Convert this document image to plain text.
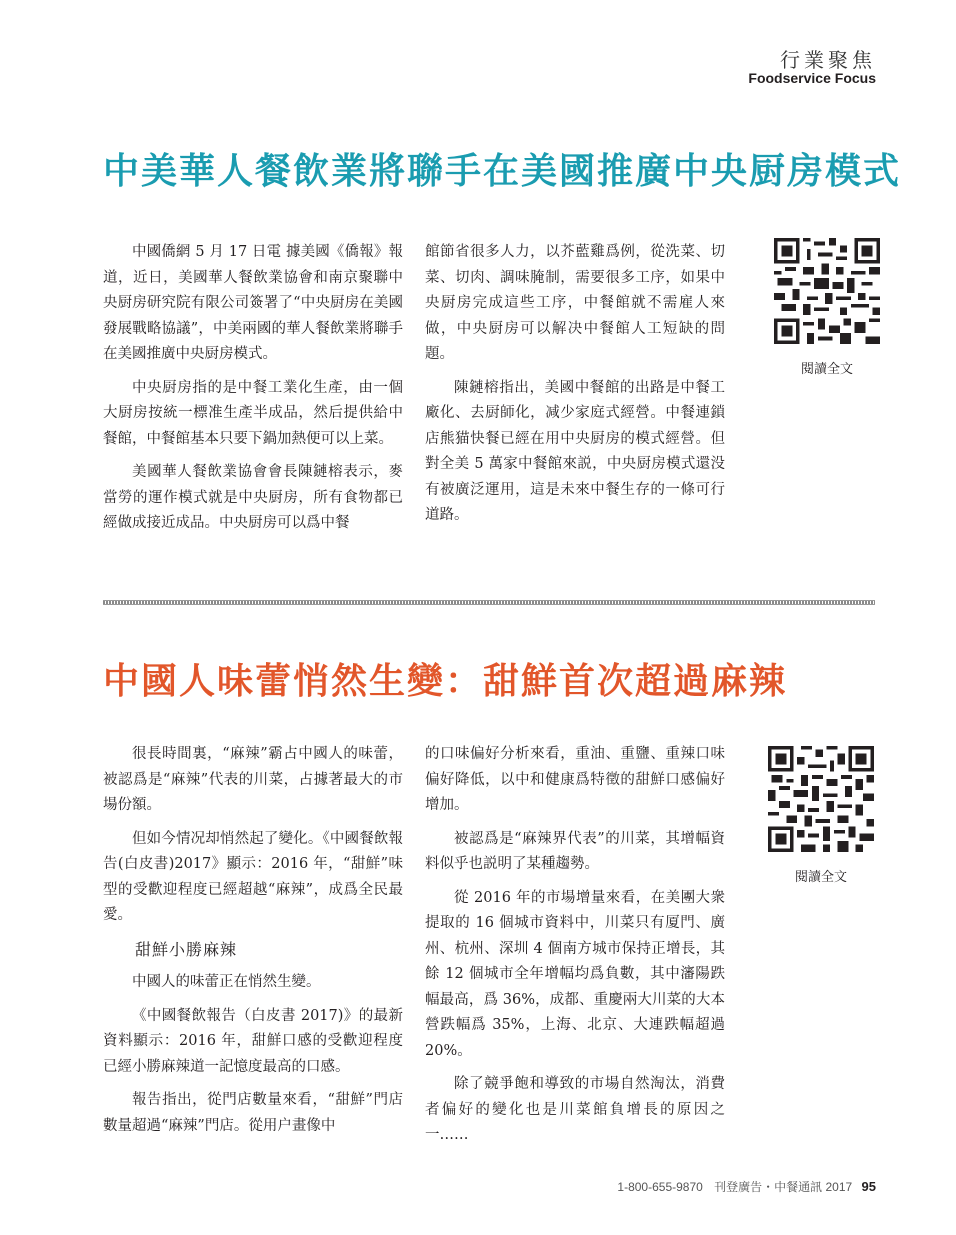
行業聚焦
Foodservice Focus
中美華人餐飲業將聯手在美國推廣中央厨房模式

中國僑網 5 月 17 日電 據美國《僑報》報道，近日，美國華人餐飲業協會和南京聚聯中央厨房研究院有限公司簽署了“中央厨房在美國發展戰略協議”，中美兩國的華人餐飲業將聯手在美國推廣中央厨房模式。

中央厨房指的是中餐工業化生產，由一個大厨房按統一標准生產半成品，然后提供給中餐館，中餐館基本只要下鍋加熱便可以上菜。

美國華人餐飲業協會會長陳鏈榕表示，麥當勞的運作模式就是中央厨房，所有食物都已經做成接近成品。中央厨房可以爲中餐

館節省很多人力，以芥藍雞爲例，從洗菜、切菜、切肉、調味腌制，需要很多工序，如果中央厨房完成這些工序，中餐館就不需雇人來做，中央厨房可以解决中餐館人工短缺的問題。

陳鏈榕指出，美國中餐館的出路是中餐工廠化、去厨師化，减少家庭式經營。中餐連鎖店熊猫快餐已經在用中央厨房的模式經營。但對全美 5 萬家中餐館來説，中央厨房模式還没有被廣泛運用，這是未來中餐生存的一條可行道路。

閱讀全文
中國人味蕾悄然生變：甜鮮首次超過麻辣

很長時間裏，“麻辣”霸占中國人的味蕾，被認爲是“麻辣”代表的川菜，占據著最大的市場份額。

但如今情况却悄然起了變化。《中國餐飲報告(白皮書)2017》顯示：2016 年，“甜鮮”味型的受歡迎程度已經超越“麻辣”，成爲全民最愛。

甜鮮小勝麻辣

中國人的味蕾正在悄然生變。

《中國餐飲報告（白皮書 2017)》的最新資料顯示：2016 年，甜鮮口感的受歡迎程度已經小勝麻辣道一記憶度最高的口感。

報告指出，從門店數量來看，“甜鮮”門店數量超過“麻辣”門店。從用户畫像中

的口味偏好分析來看，重油、重鹽、重辣口味偏好降低，以中和健康爲特徵的甜鮮口感偏好增加。

被認爲是“麻辣界代表”的川菜，其增幅資料似乎也説明了某種趨勢。

從 2016 年的市場增量來看，在美團大衆提取的 16 個城市資料中，川菜只有厦門、廣州、杭州、深圳 4 個南方城市保持正增長，其餘 12 個城市全年增幅均爲負數，其中瀋陽跌幅最高，爲 36%，成都、重慶兩大川菜的大本營跌幅爲 35%，上海、北京、大連跌幅超過 20%。

除了競爭飽和導致的市場自然淘汰，消費者偏好的變化也是川菜館負增長的原因之一……

閱讀全文
1-800-655-9870 刊登廣告・中餐通訊 2017 95
